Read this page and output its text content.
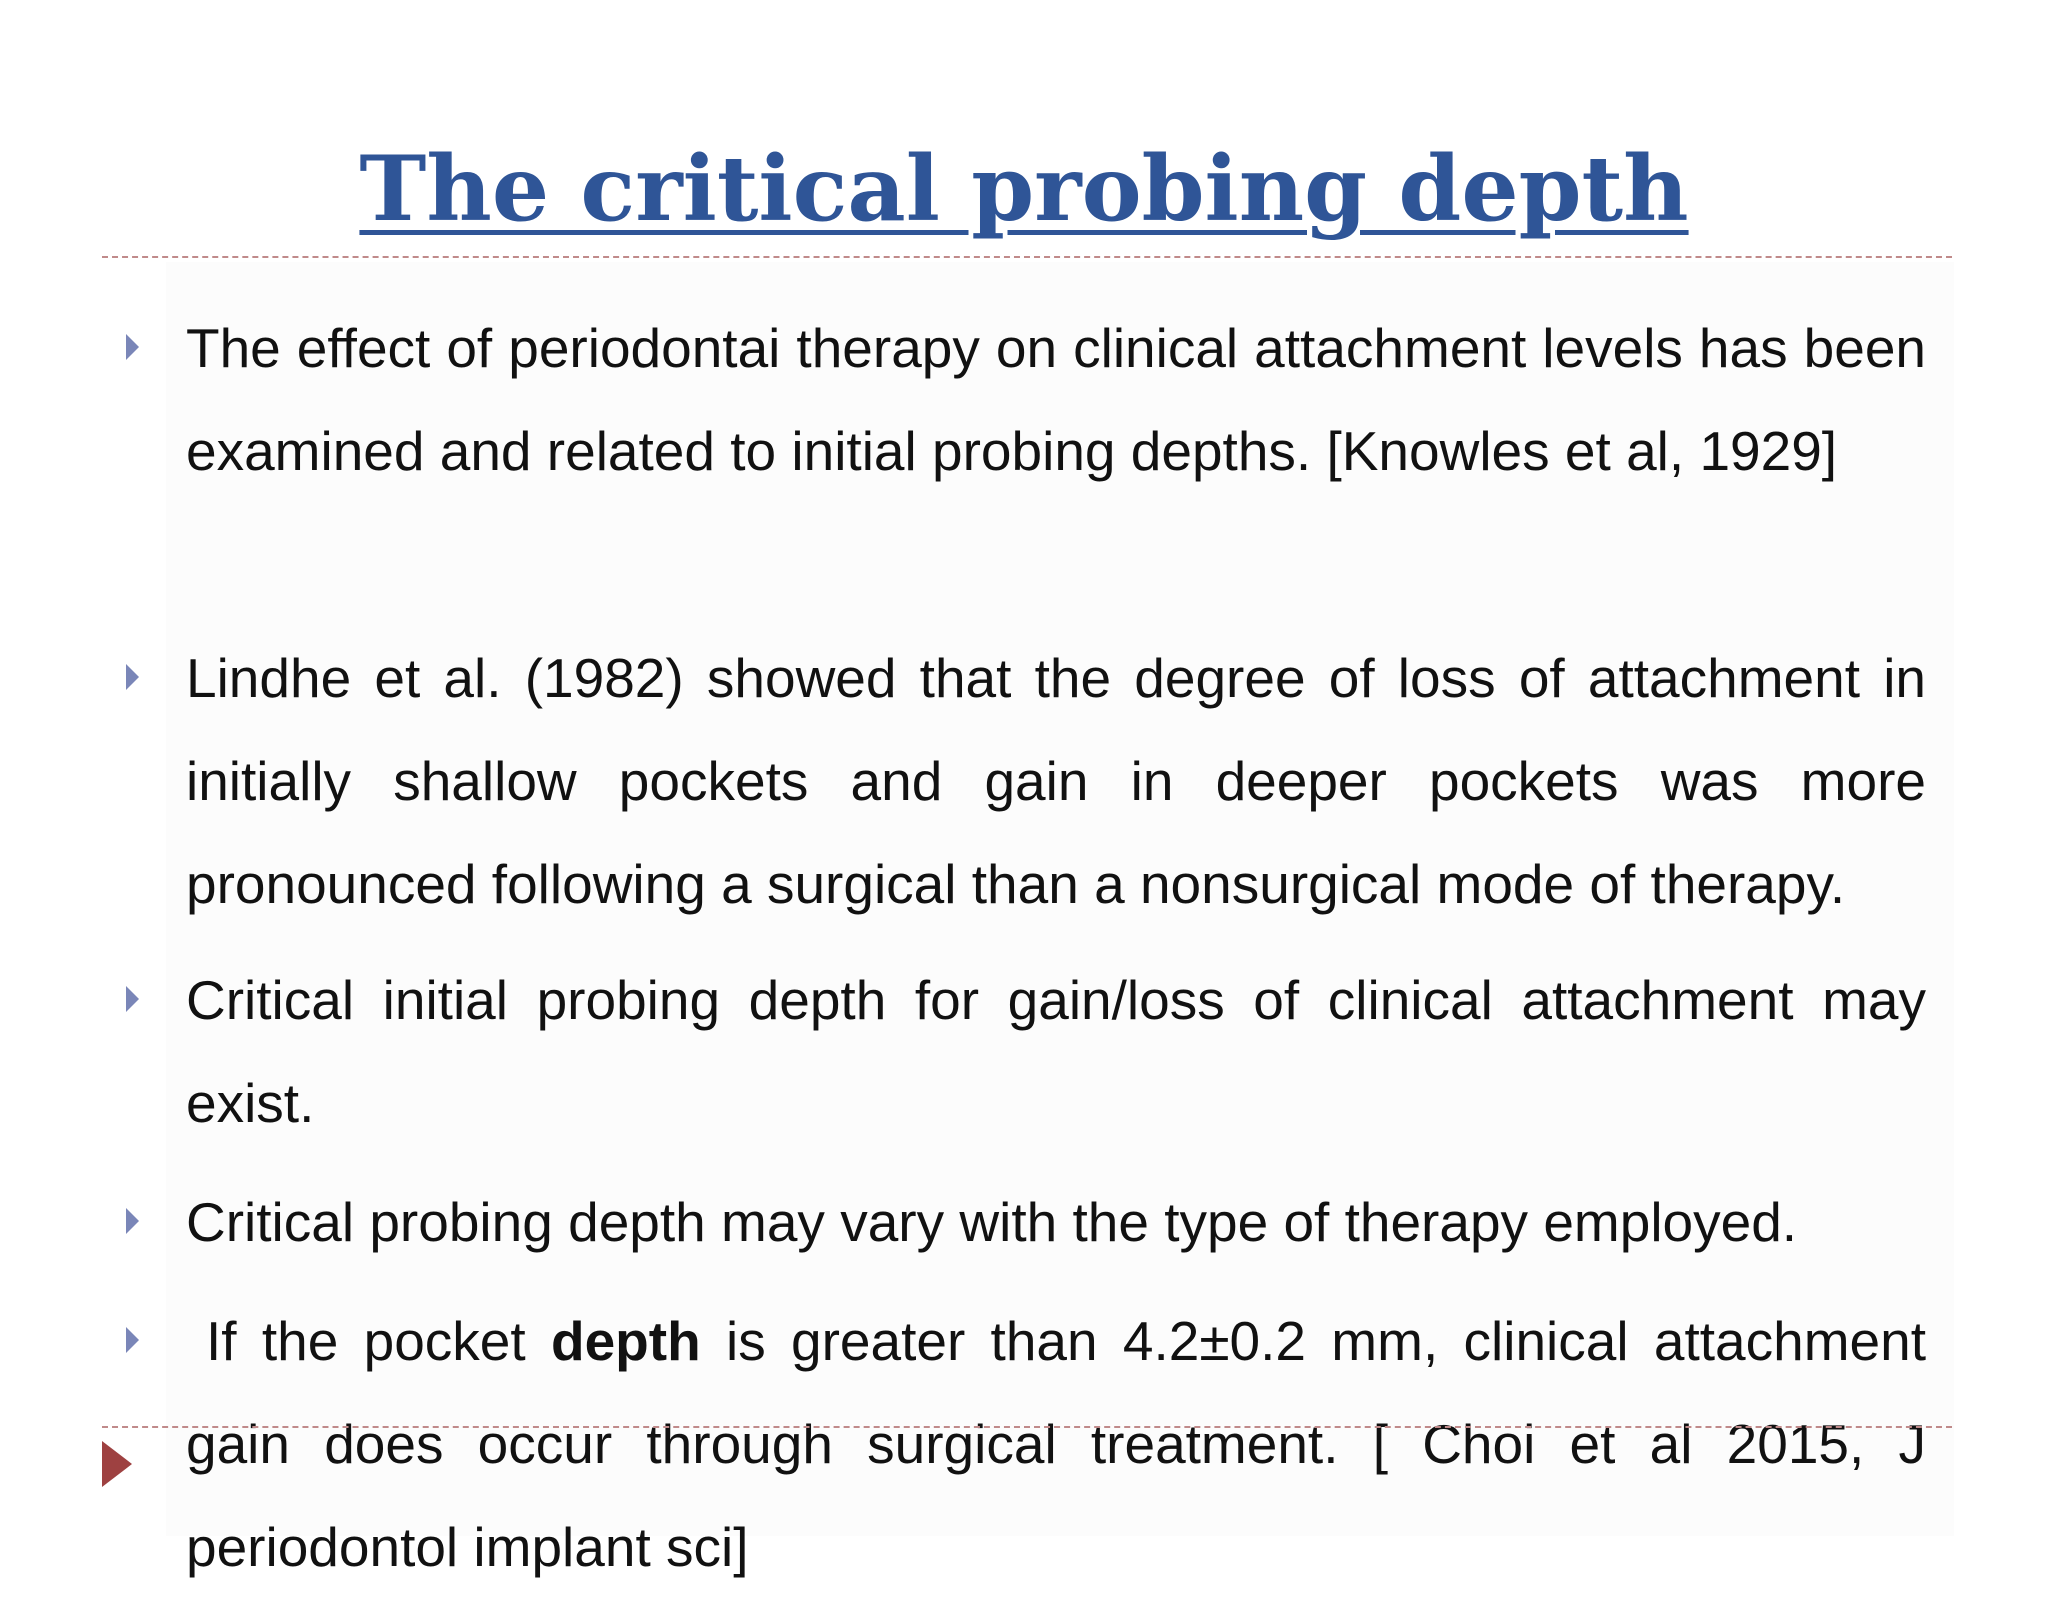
The critical probing depth

The effect of periodontai therapy on clinical attachment levels has been examined and related to initial probing depths. [Knowles et al, 1929]

Lindhe et al. (1982) showed that the degree of loss of attachment in initially shallow pockets and gain in deeper pockets was more pronounced following a surgical than a nonsurgical mode of therapy.

Critical initial probing depth for gain/loss of clinical attachment may exist.

Critical probing depth may vary with the type of therapy employed.

If the pocket depth is greater than 4.2±0.2 mm, clinical attachment gain does occur through surgical treatment. [ Choi et al 2015, J periodontol implant sci]
